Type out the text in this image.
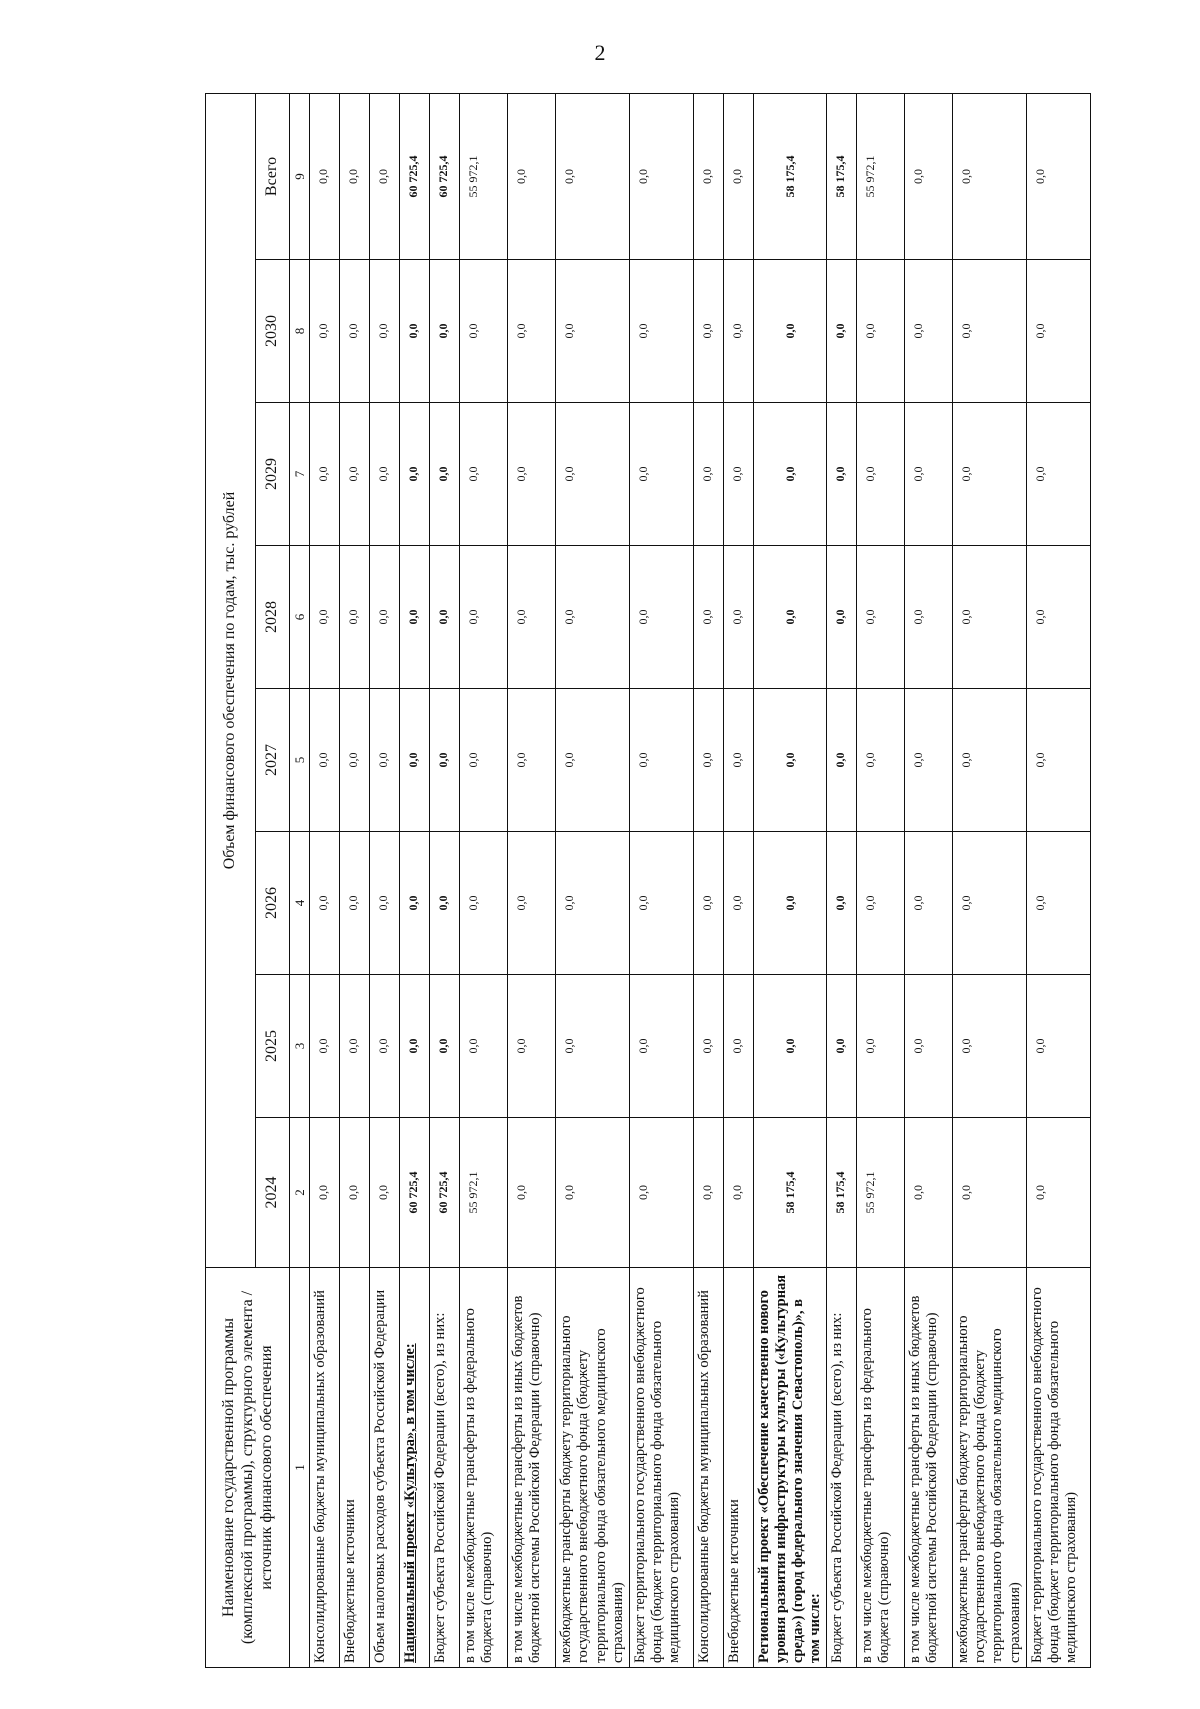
2
Наименование государственной программы (комплексной программы), структурного элемента / источник финансового обеспечения	Объем финансового обеспечения по годам, тыс. рублей							
	2024	2025	2026	2027	2028	2029	2030	Всего
1	2	3	4	5	6	7	8	9
Консолидированные бюджеты муниципальных образований	0,0	0,0	0,0	0,0	0,0	0,0	0,0	0,0
Внебюджетные источники	0,0	0,0	0,0	0,0	0,0	0,0	0,0	0,0
Объем налоговых расходов субъекта Российской Федерации	0,0	0,0	0,0	0,0	0,0	0,0	0,0	0,0
Национальный проект «Культура», в том числе:	60 725,4	0,0	0,0	0,0	0,0	0,0	0,0	60 725,4
Бюджет субъекта Российской Федерации (всего), из них:	60 725,4	0,0	0,0	0,0	0,0	0,0	0,0	60 725,4
в том числе межбюджетные трансферты из федерального бюджета (справочно)	55 972,1	0,0	0,0	0,0	0,0	0,0	0,0	55 972,1
в том числе межбюджетные трансферты из иных бюджетов бюджетной системы Российской Федерации (справочно)	0,0	0,0	0,0	0,0	0,0	0,0	0,0	0,0
межбюджетные трансферты бюджету территориального государственного внебюджетного фонда (бюджету территориального фонда обязательного медицинского страхования)	0,0	0,0	0,0	0,0	0,0	0,0	0,0	0,0
Бюджет территориального государственного внебюджетного фонда (бюджет территориального фонда обязательного медицинского страхования)	0,0	0,0	0,0	0,0	0,0	0,0	0,0	0,0
Консолидированные бюджеты муниципальных образований	0,0	0,0	0,0	0,0	0,0	0,0	0,0	0,0
Внебюджетные источники	0,0	0,0	0,0	0,0	0,0	0,0	0,0	0,0
Региональный проект «Обеспечение качественно нового уровня развития инфраструктуры культуры («Культурная среда») (город федерального значения Севастополь)», в том числе:	58 175,4	0,0	0,0	0,0	0,0	0,0	0,0	58 175,4
Бюджет субъекта Российской Федерации (всего), из них:	58 175,4	0,0	0,0	0,0	0,0	0,0	0,0	58 175,4
в том числе межбюджетные трансферты из федерального бюджета (справочно)	55 972,1	0,0	0,0	0,0	0,0	0,0	0,0	55 972,1
в том числе межбюджетные трансферты из иных бюджетов бюджетной системы Российской Федерации (справочно)	0,0	0,0	0,0	0,0	0,0	0,0	0,0	0,0
межбюджетные трансферты бюджету территориального государственного внебюджетного фонда (бюджету территориального фонда обязательного медицинского страхования)	0,0	0,0	0,0	0,0	0,0	0,0	0,0	0,0
Бюджет территориального государственного внебюджетного фонда (бюджет территориального фонда обязательного медицинского страхования)	0,0	0,0	0,0	0,0	0,0	0,0	0,0	0,0
